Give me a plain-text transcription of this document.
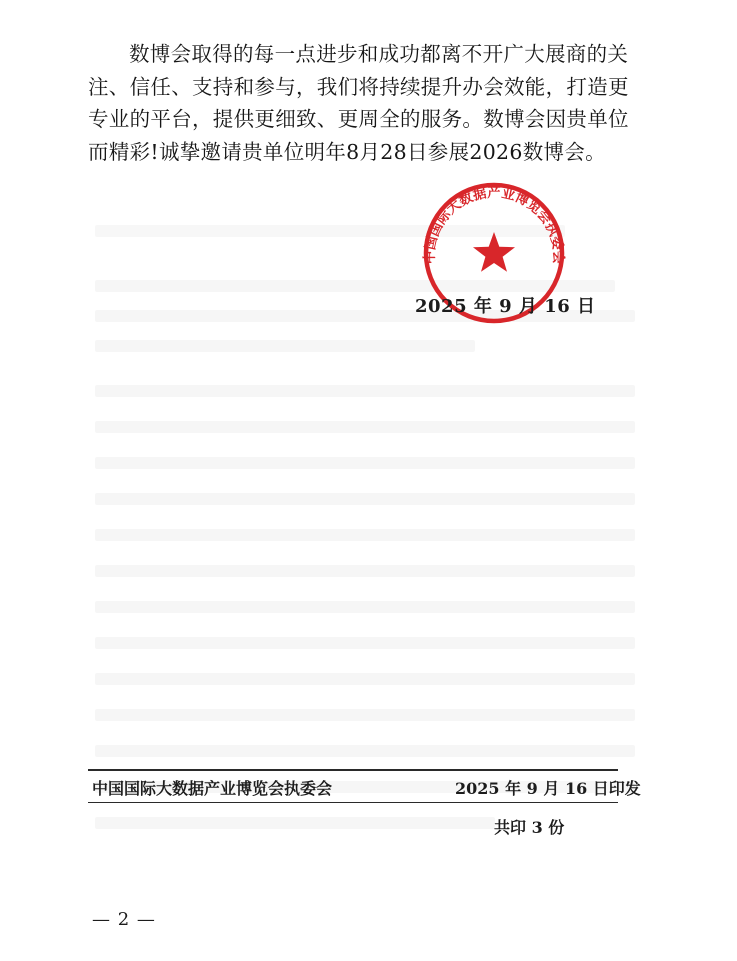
数博会取得的每一点进步和成功都离不开广大展商的关注、信任、支持和参与，我们将持续提升办会效能，打造更专业的平台，提供更细致、更周全的服务。数博会因贵单位而精彩!诚挚邀请贵单位明年8月28日参展2026数博会。

中国国际大数据产业博览会执委会
2025 年 9 月 16 日
中国国际大数据产业博览会执委会	2025 年 9 月 16 日印发
共印 3 份
— 2 —
